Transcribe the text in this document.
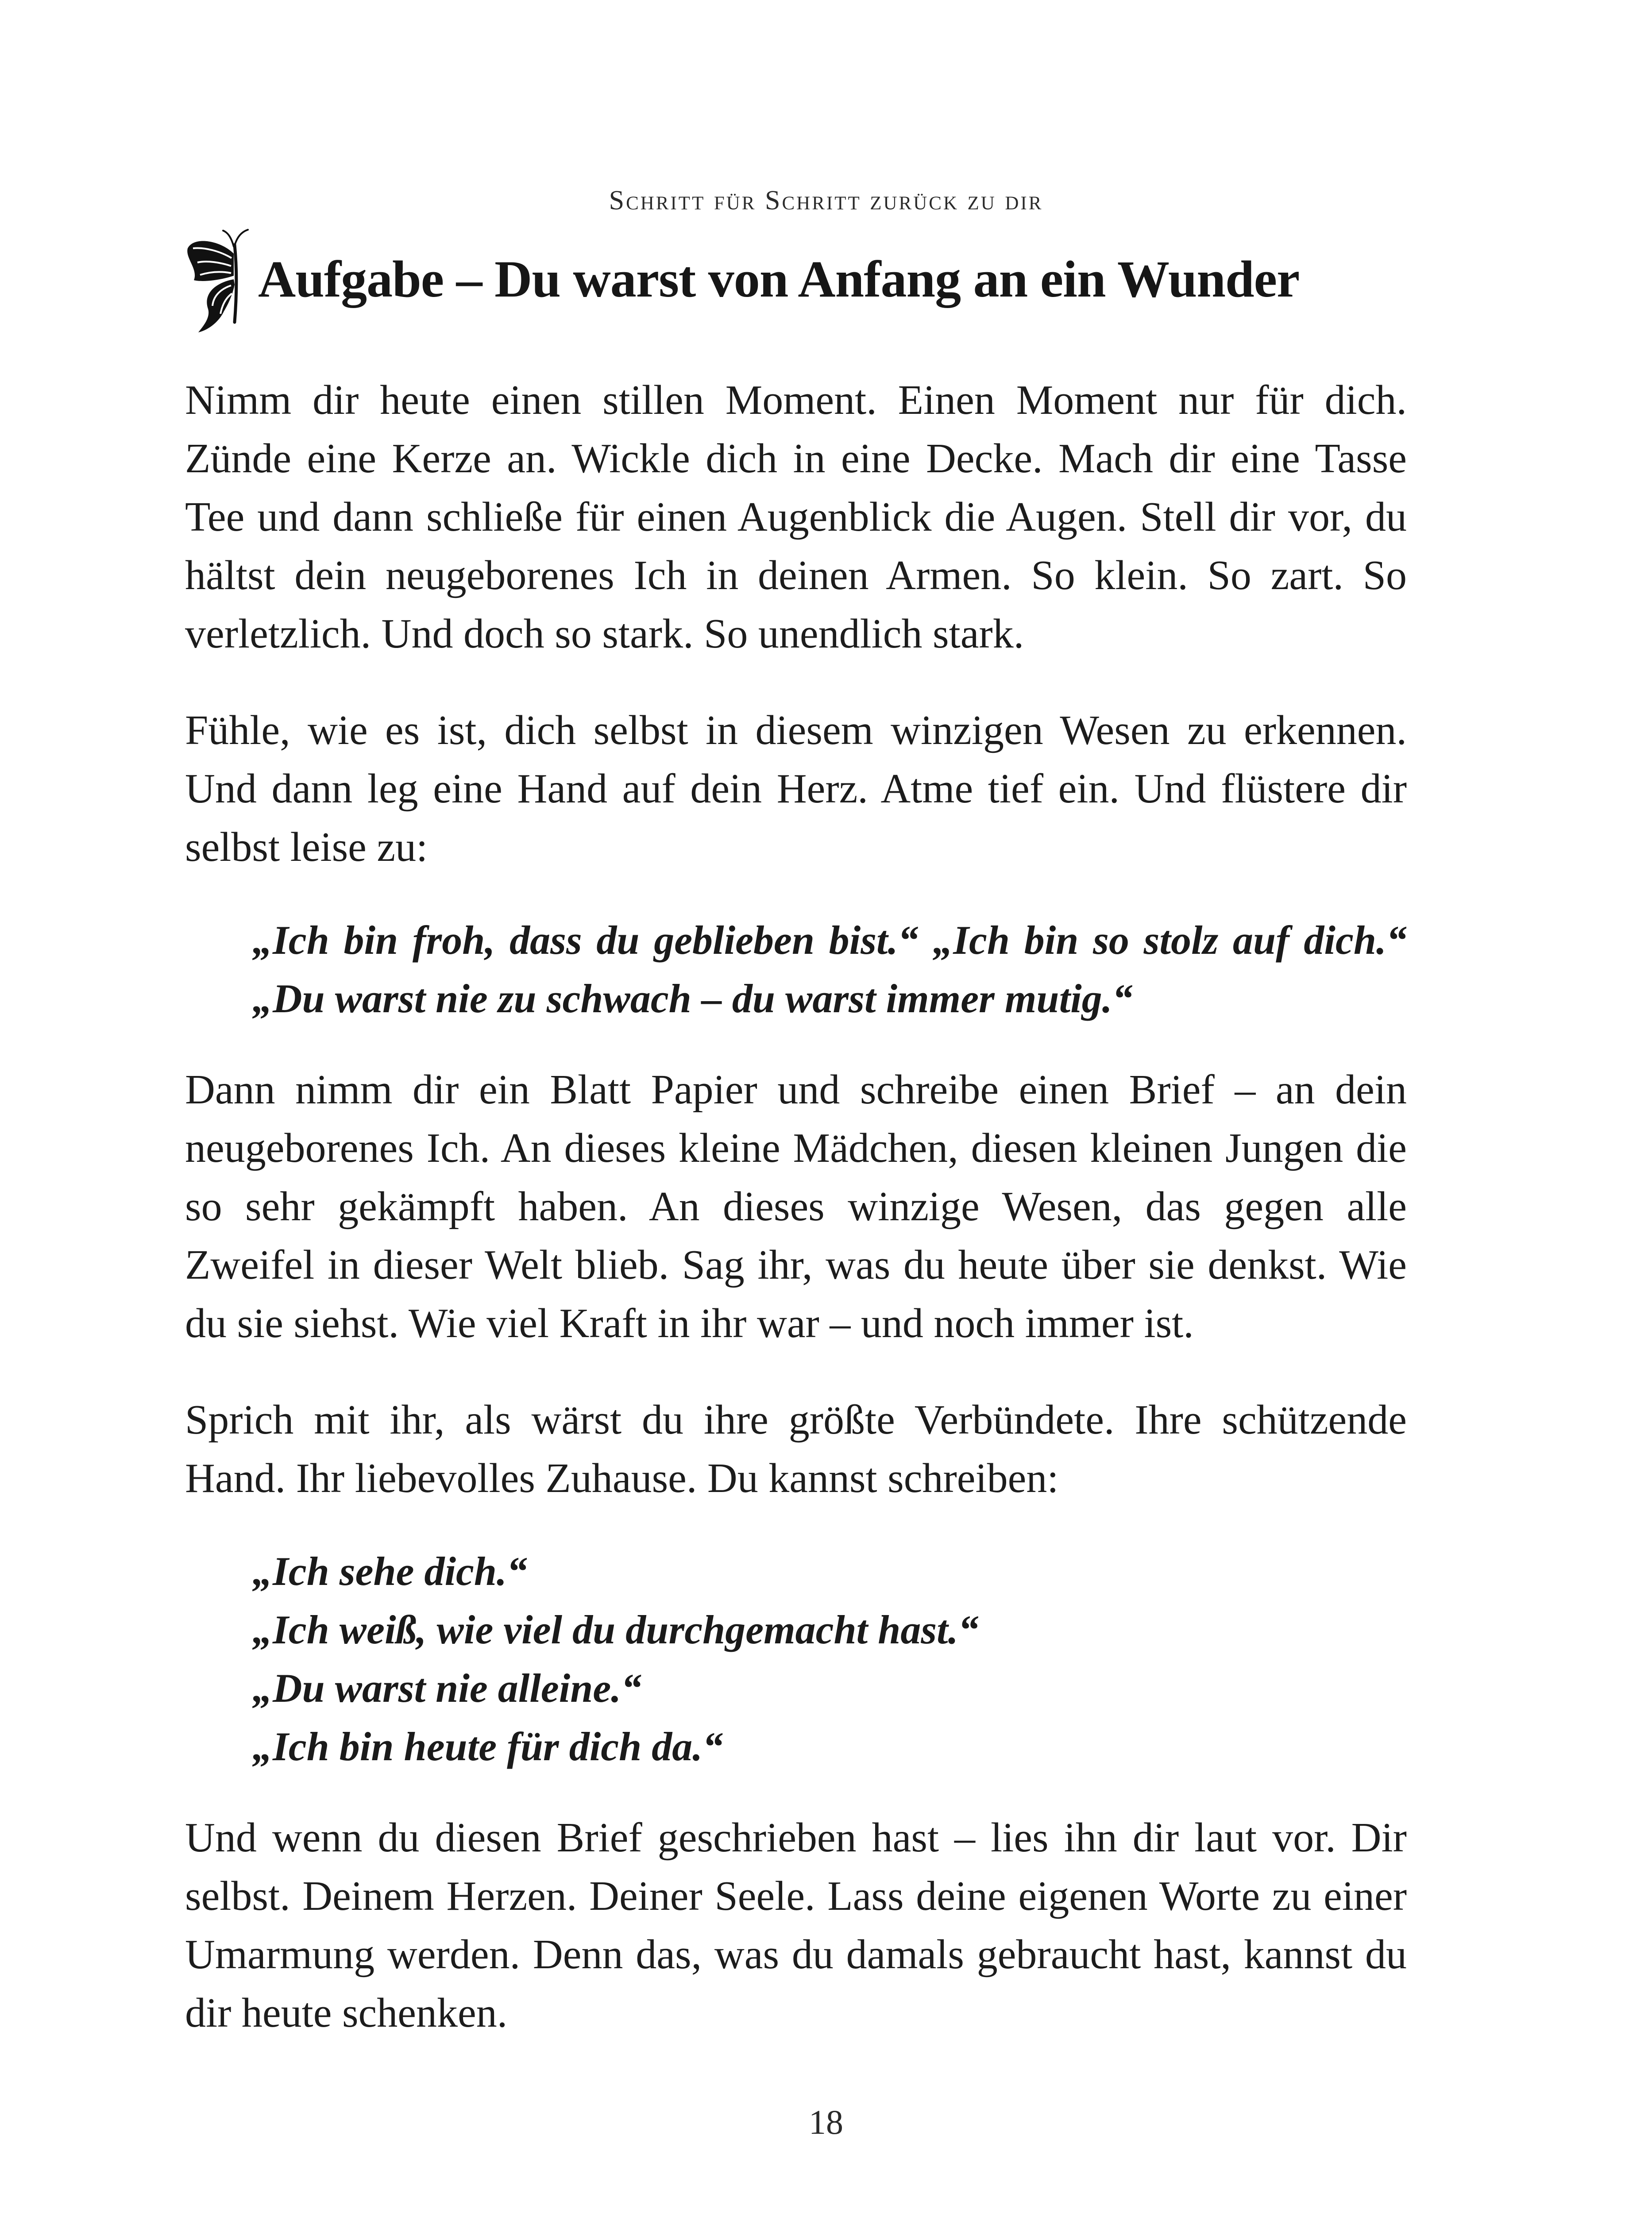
Schritt für Schritt zurück zu dir
Aufgabe – Du warst von Anfang an ein Wunder

Nimm dir heute einen stillen Moment. Einen Moment nur für dich. Zünde eine Kerze an. Wickle dich in eine Decke. Mach dir eine Tasse Tee und dann schließe für einen Augenblick die Augen. Stell dir vor, du hältst dein neugeborenes Ich in deinen Armen. So klein. So zart. So verletzlich. Und doch so stark. So unendlich stark.

Fühle, wie es ist, dich selbst in diesem winzigen Wesen zu erkennen. Und dann leg eine Hand auf dein Herz. Atme tief ein. Und flüstere dir selbst leise zu:

„Ich bin froh, dass du geblieben bist.“ „Ich bin so stolz auf dich.“ „Du warst nie zu schwach – du warst immer mutig.“

Dann nimm dir ein Blatt Papier und schreibe einen Brief – an dein neugeborenes Ich. An dieses kleine Mädchen, diesen kleinen Jungen die so sehr gekämpft haben. An dieses winzige Wesen, das gegen alle Zweifel in dieser Welt blieb. Sag ihr, was du heute über sie denkst. Wie du sie siehst. Wie viel Kraft in ihr war – und noch immer ist.

Sprich mit ihr, als wärst du ihre größte Verbündete. Ihre schützende Hand. Ihr liebevolles Zuhause. Du kannst schreiben:

„Ich sehe dich.“
„Ich weiß, wie viel du durchgemacht hast.“
„Du warst nie alleine.“
„Ich bin heute für dich da.“

Und wenn du diesen Brief geschrieben hast – lies ihn dir laut vor. Dir selbst. Deinem Herzen. Deiner Seele. Lass deine eigenen Worte zu einer Umarmung werden. Denn das, was du damals gebraucht hast, kannst du dir heute schenken.

18
